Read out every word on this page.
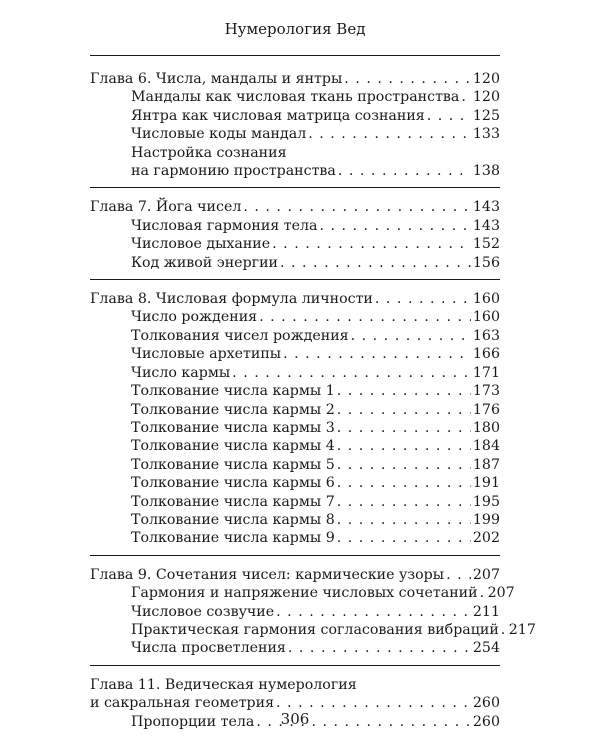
Нумерология Вед
Глава 6. Числа, мандалы и янтры . . .	120
Мандалы как числовая ткань пространства . . . 120
Янтра как числовая матрица сознания . . .	125
Числовые коды мандал . . .	133
Настройка сознания
на гармонию пространства . . .	138
Глава 7. Йога чисел . . .	143
Числовая гармония тела . . .	143
Числовое дыхание . . .	152
Код живой энергии . . .	156
Глава 8. Числовая формула личности . . .	160
Число рождения . . .	160
Толкования чисел рождения . . .	163
Числовые архетипы . . .	166
Число кармы . . .	171
Толкование числа кармы 1 . . .	173
Толкование числа кармы 2 . . .	176
Толкование числа кармы 3 . . .	180
Толкование числа кармы 4 . . .	184
Толкование числа кармы 5 . . .	187
Толкование числа кармы 6 . . .	191
Толкование числа кармы 7 . . .	195
Толкование числа кармы 8 . . .	199
Толкование числа кармы 9 . . .	202
Глава 9. Сочетания чисел: кармические узоры . . . 207
Гармония и напряжение числовых сочетаний . . . 207
Числовое созвучие . . .	211
Практическая гармония согласования вибраций . . . 217
Числа просветления . . .	254
Глава 11. Ведическая нумерология
и сакральная геометрия . . .	260
Пропорции тела . . .	260
306
